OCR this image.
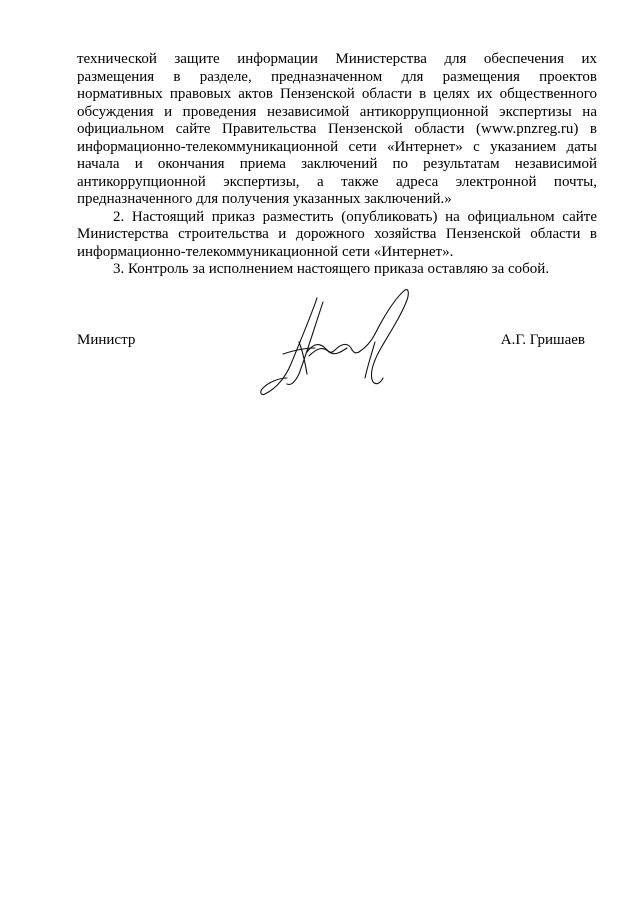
технической защите информации Министерства для обеспечения их
размещения в разделе, предназначенном для размещения проектов
нормативных правовых актов Пензенской области в целях их общественного
обсуждения и проведения независимой антикоррупционной экспертизы на
официальном сайте Правительства Пензенской области (www.pnzreg.ru) в
информационно-телекоммуникационной сети «Интернет» с указанием даты
начала и окончания приема заключений по результатам независимой
антикоррупционной экспертизы, а также адреса электронной почты,
предназначенного для получения указанных заключений.»
2. Настоящий приказ разместить (опубликовать) на официальном сайте
Министерства строительства и дорожного хозяйства Пензенской области в
информационно-телекоммуникационной сети «Интернет».
3. Контроль за исполнением настоящего приказа оставляю за собой.
Министр	А.Г. Гришаев
